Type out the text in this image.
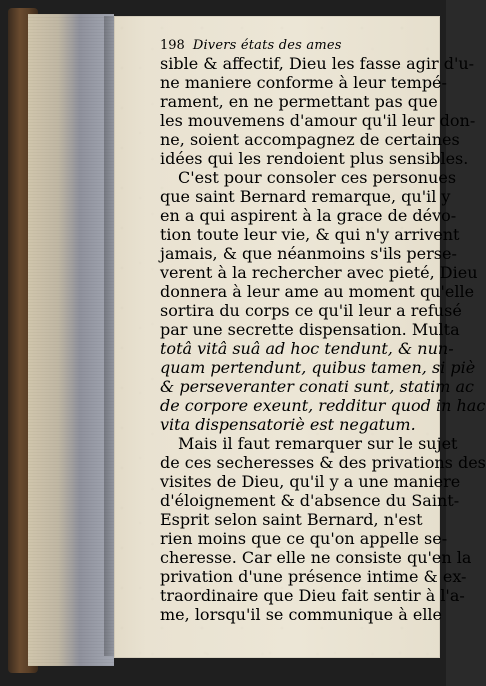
198 Divers états des ames
sible & affectif, Dieu les fasse agir d'u-
ne maniere conforme à leur tempé-
rament, en ne permettant pas que
les mouvemens d'amour qu'il leur don-
ne, soient accompagnez de certaines
idées qui les rendoient plus sensibles.
C'est pour consoler ces personues
que saint Bernard remarque, qu'il y
en a qui aspirent à la grace de dévo-
tion toute leur vie, & qui n'y arrivent
jamais, & que néanmoins s'ils perse-
verent à la rechercher avec pieté, Dieu
donnera à leur ame au moment qu'elle
sortira du corps ce qu'il leur a refusé
par une secrette dispensation. Multa
totâ vitâ suâ ad hoc tendunt, & nun-
quam pertendunt, quibus tamen, si piè
& perseveranter conati sunt, statim ac
de corpore exeunt, redditur quod in hac
vita dispensatoriè est negatum.
Mais il faut remarquer sur le sujet
de ces secheresses & des privations des
visites de Dieu, qu'il y a une maniere
d'éloignement & d'absence du Saint-
Esprit selon saint Bernard, n'est
rien moins que ce qu'on appelle se-
cheresse. Car elle ne consiste qu'en la
privation d'une présence intime & ex-
traordinaire que Dieu fait sentir à l'a-
me, lorsqu'il se communique à elle
